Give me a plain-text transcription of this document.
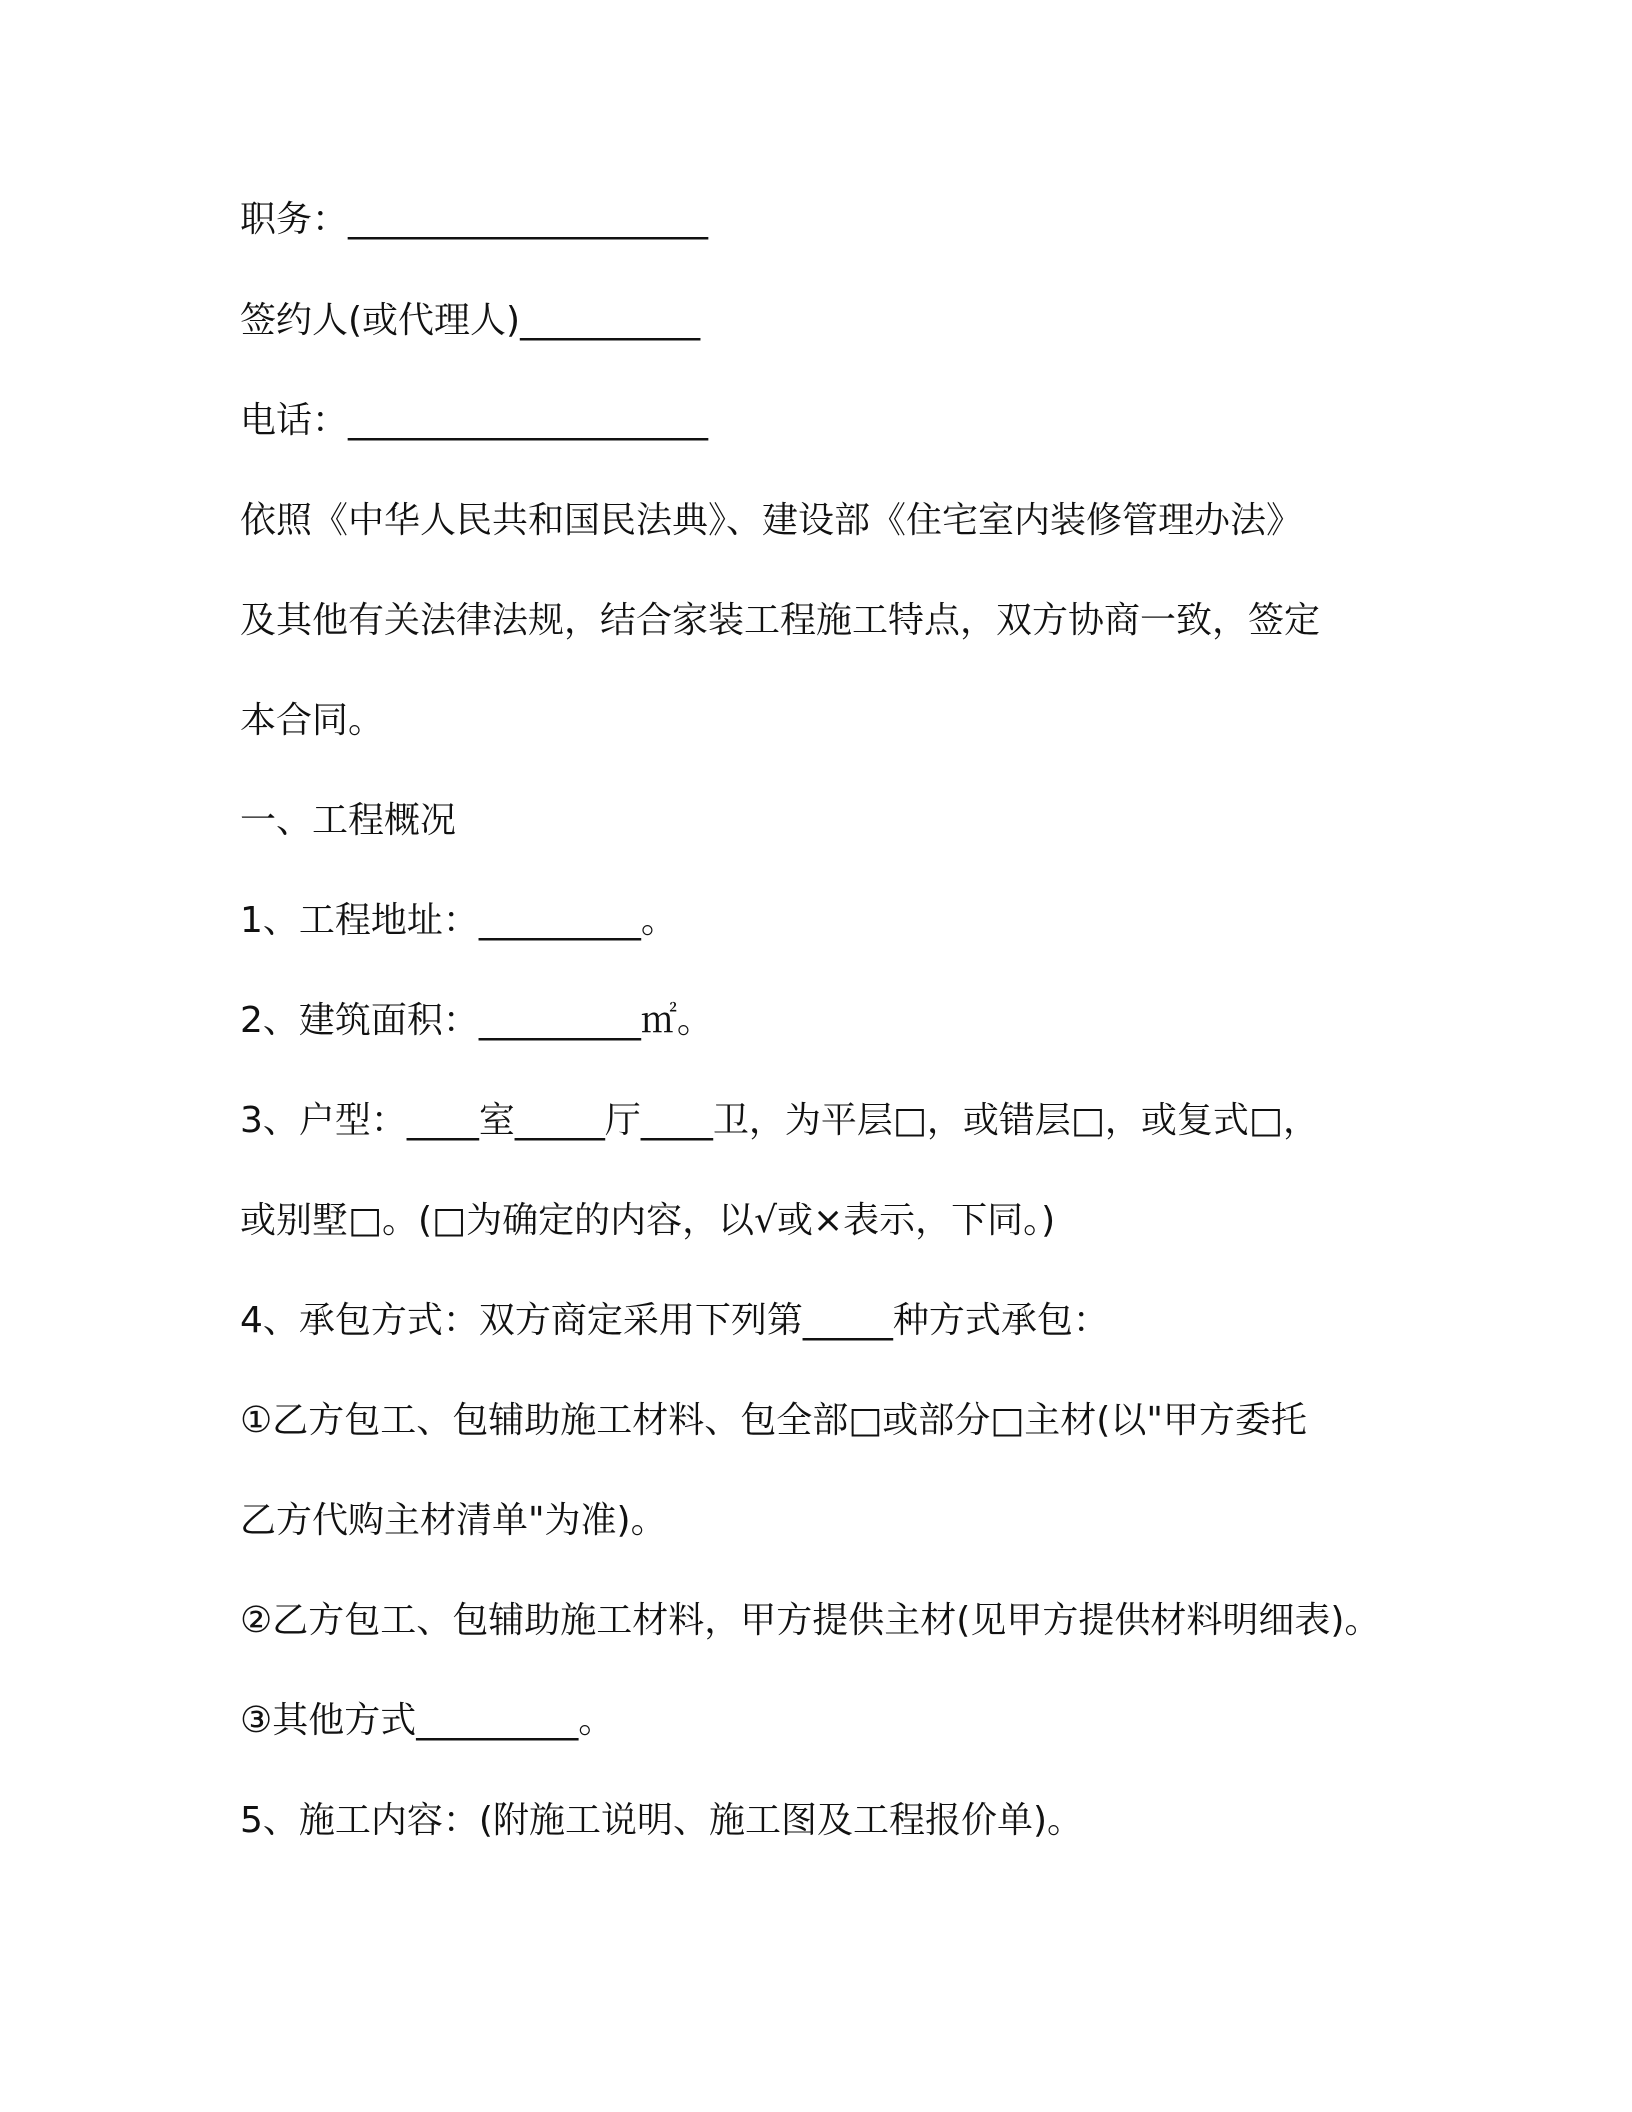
职务：____________________

签约人(或代理人)__________

电话：____________________

依照《中华人民共和国民法典》、建设部《住宅室内装修管理办法》

及其他有关法律法规，结合家装工程施工特点，双方协商一致，签定

本合同。

一、工程概况

1、工程地址：_________。

2、建筑面积：_________㎡。

3、户型：____室_____厅____卫，为平层□，或错层□，或复式□，

或别墅□。(□为确定的内容，以√或×表示，下同。)

4、承包方式：双方商定采用下列第_____种方式承包：

①乙方包工、包辅助施工材料、包全部□或部分□主材(以"甲方委托

乙方代购主材清单"为准)。

②乙方包工、包辅助施工材料，甲方提供主材(见甲方提供材料明细表)。

③其他方式_________。

5、施工内容：(附施工说明、施工图及工程报价单)。
